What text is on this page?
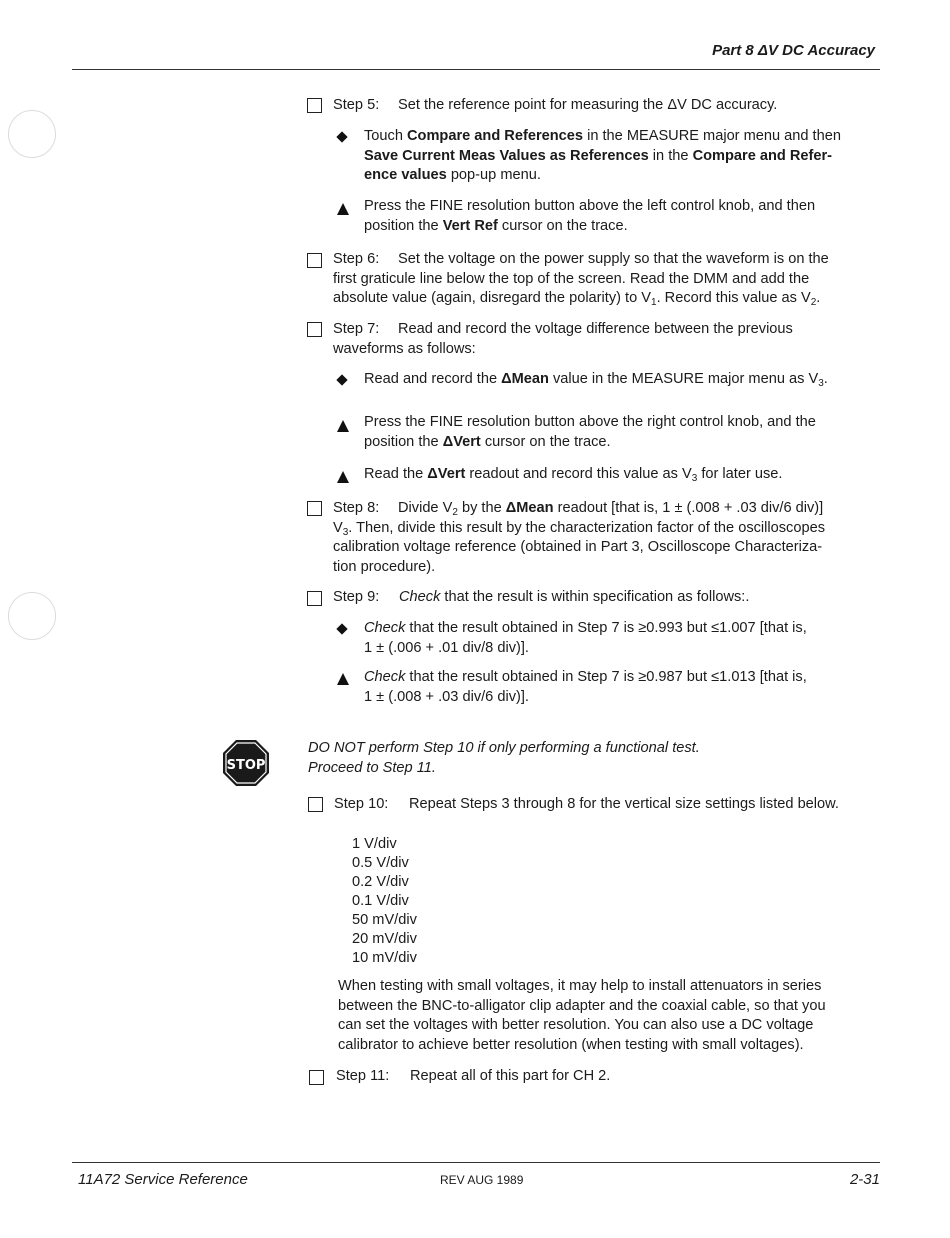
Part 8 ΔV DC Accuracy
Step 5: Set the reference point for measuring the ΔV DC accuracy.
Touch Compare and References in the MEASURE major menu and then
Save Current Meas Values as References in the Compare and Refer-
ence values pop-up menu.
Press the FINE resolution button above the left control knob, and then
position the Vert Ref cursor on the trace.
Step 6: Set the voltage on the power supply so that the waveform is on the
first graticule line below the top of the screen. Read the DMM and add the
absolute value (again, disregard the polarity) to $V_1$. Record this value as $V_2$.
Step 7: Read and record the voltage difference between the previous
waveforms as follows:
Read and record the ΔMean value in the MEASURE major menu as $V_3$.
Press the FINE resolution button above the right control knob, and the
position the ΔVert cursor on the trace.
Read the ΔVert readout and record this value as $V_3$ for later use.
Step 8: Divide $V_2$ by the ΔMean readout [that is, 1 ± (.008 + .03 div/6 div)]
$V_3$. Then, divide this result by the characterization factor of the oscilloscopes
calibration voltage reference (obtained in Part 3, Oscilloscope Characteriza-
tion procedure).
Step 9: Check that the result is within specification as follows:.
Check that the result obtained in Step 7 is ≥0.993 but ≤1.007 [that is,
1 ± (.006 + .01 div/8 div)].
Check that the result obtained in Step 7 is ≥0.987 but ≤1.013 [that is,
1 ± (.008 + .03 div/6 div)].
STOP
DO NOT perform Step 10 if only performing a functional test.
Proceed to Step 11.
Step 10: Repeat Steps 3 through 8 for the vertical size settings listed below.
1 V/div
0.5 V/div
0.2 V/div
0.1 V/div
50 mV/div
20 mV/div
10 mV/div
When testing with small voltages, it may help to install attenuators in series
between the BNC-to-alligator clip adapter and the coaxial cable, so that you
can set the voltages with better resolution. You can also use a DC voltage
calibrator to achieve better resolution (when testing with small voltages).
Step 11: Repeat all of this part for CH 2.
11A72 Service Reference	REV AUG 1989	2-31
